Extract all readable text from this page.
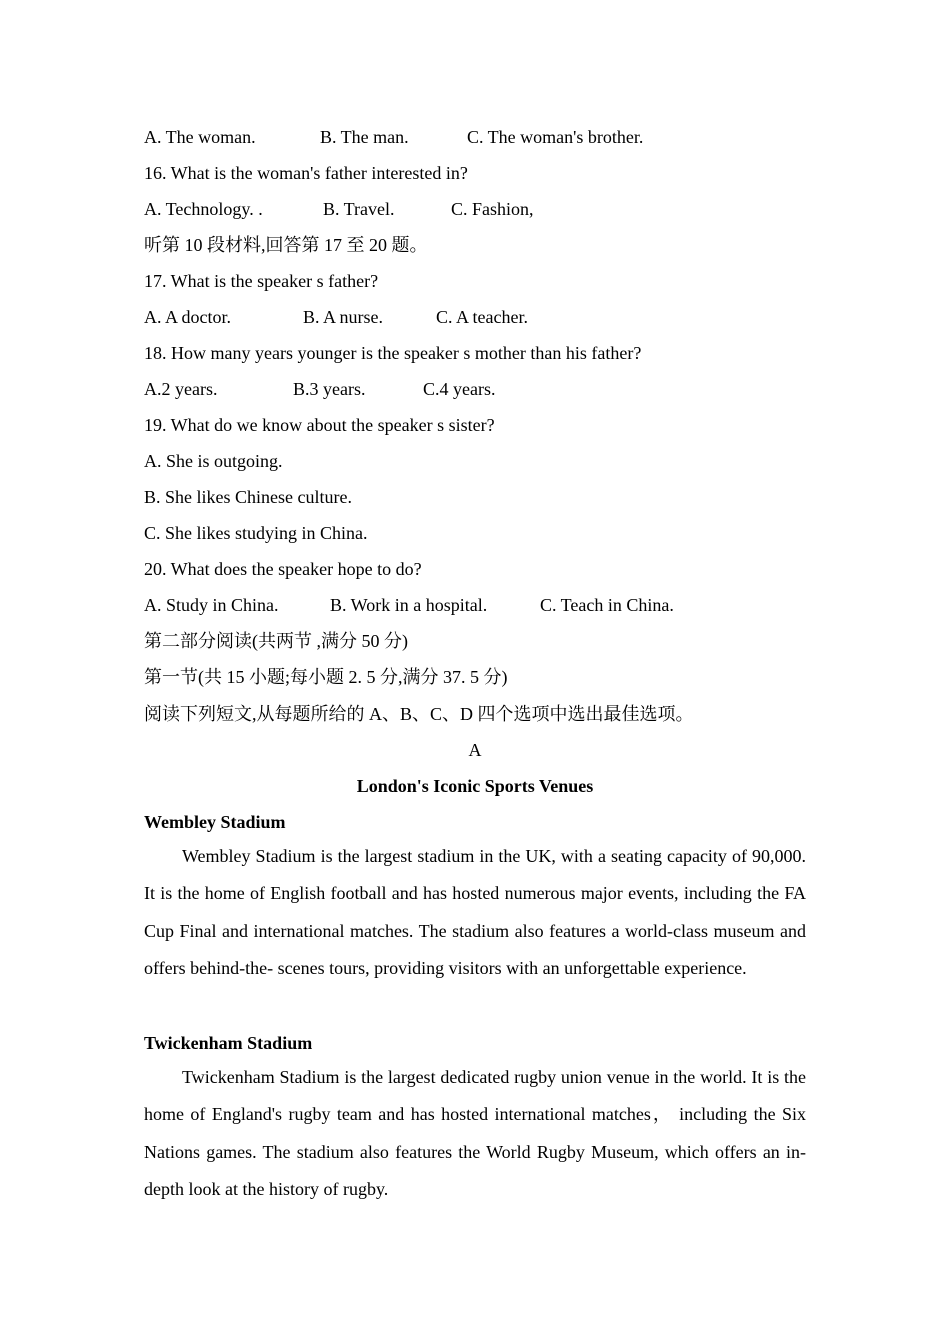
A. The woman.	B. The man.	C. The woman's brother.
16. What is the woman's father interested in?
A. Technology. .	B. Travel.	C. Fashion,
听第 10 段材料,回答第 17 至 20 题。
17. What is the speaker s father?
A. A doctor.	B. A nurse.	C. A teacher.
18. How many years younger is the speaker s mother than his father?
A.2 years.	B.3 years.	C.4 years.
19. What do we know about the speaker s sister?
A. She is outgoing.
B. She likes Chinese culture.
C. She likes studying in China.
20. What does the speaker hope to do?
A. Study in China.	B. Work in a hospital.	C. Teach in China.
第二部分阅读(共两节 ,满分 50 分)
第一节(共 15 小题;每小题 2. 5 分,满分 37. 5 分)
阅读下列短文,从每题所给的 A、B、C、D 四个选项中选出最佳选项。
A
London's Iconic Sports Venues
Wembley Stadium
Wembley Stadium is the largest stadium in the UK, with a seating capacity of 90,000. It is the home of English football and has hosted numerous major events, including the FA Cup Final and international matches. The stadium also features a world-class museum and offers behind-the- scenes tours, providing visitors with an unforgettable experience.
Twickenham Stadium
Twickenham Stadium is the largest dedicated rugby union venue in the world. It is the home of England's rugby team and has hosted international matches， including the Six Nations games. The stadium also features the World Rugby Museum, which offers an in-depth look at the history of rugby.
